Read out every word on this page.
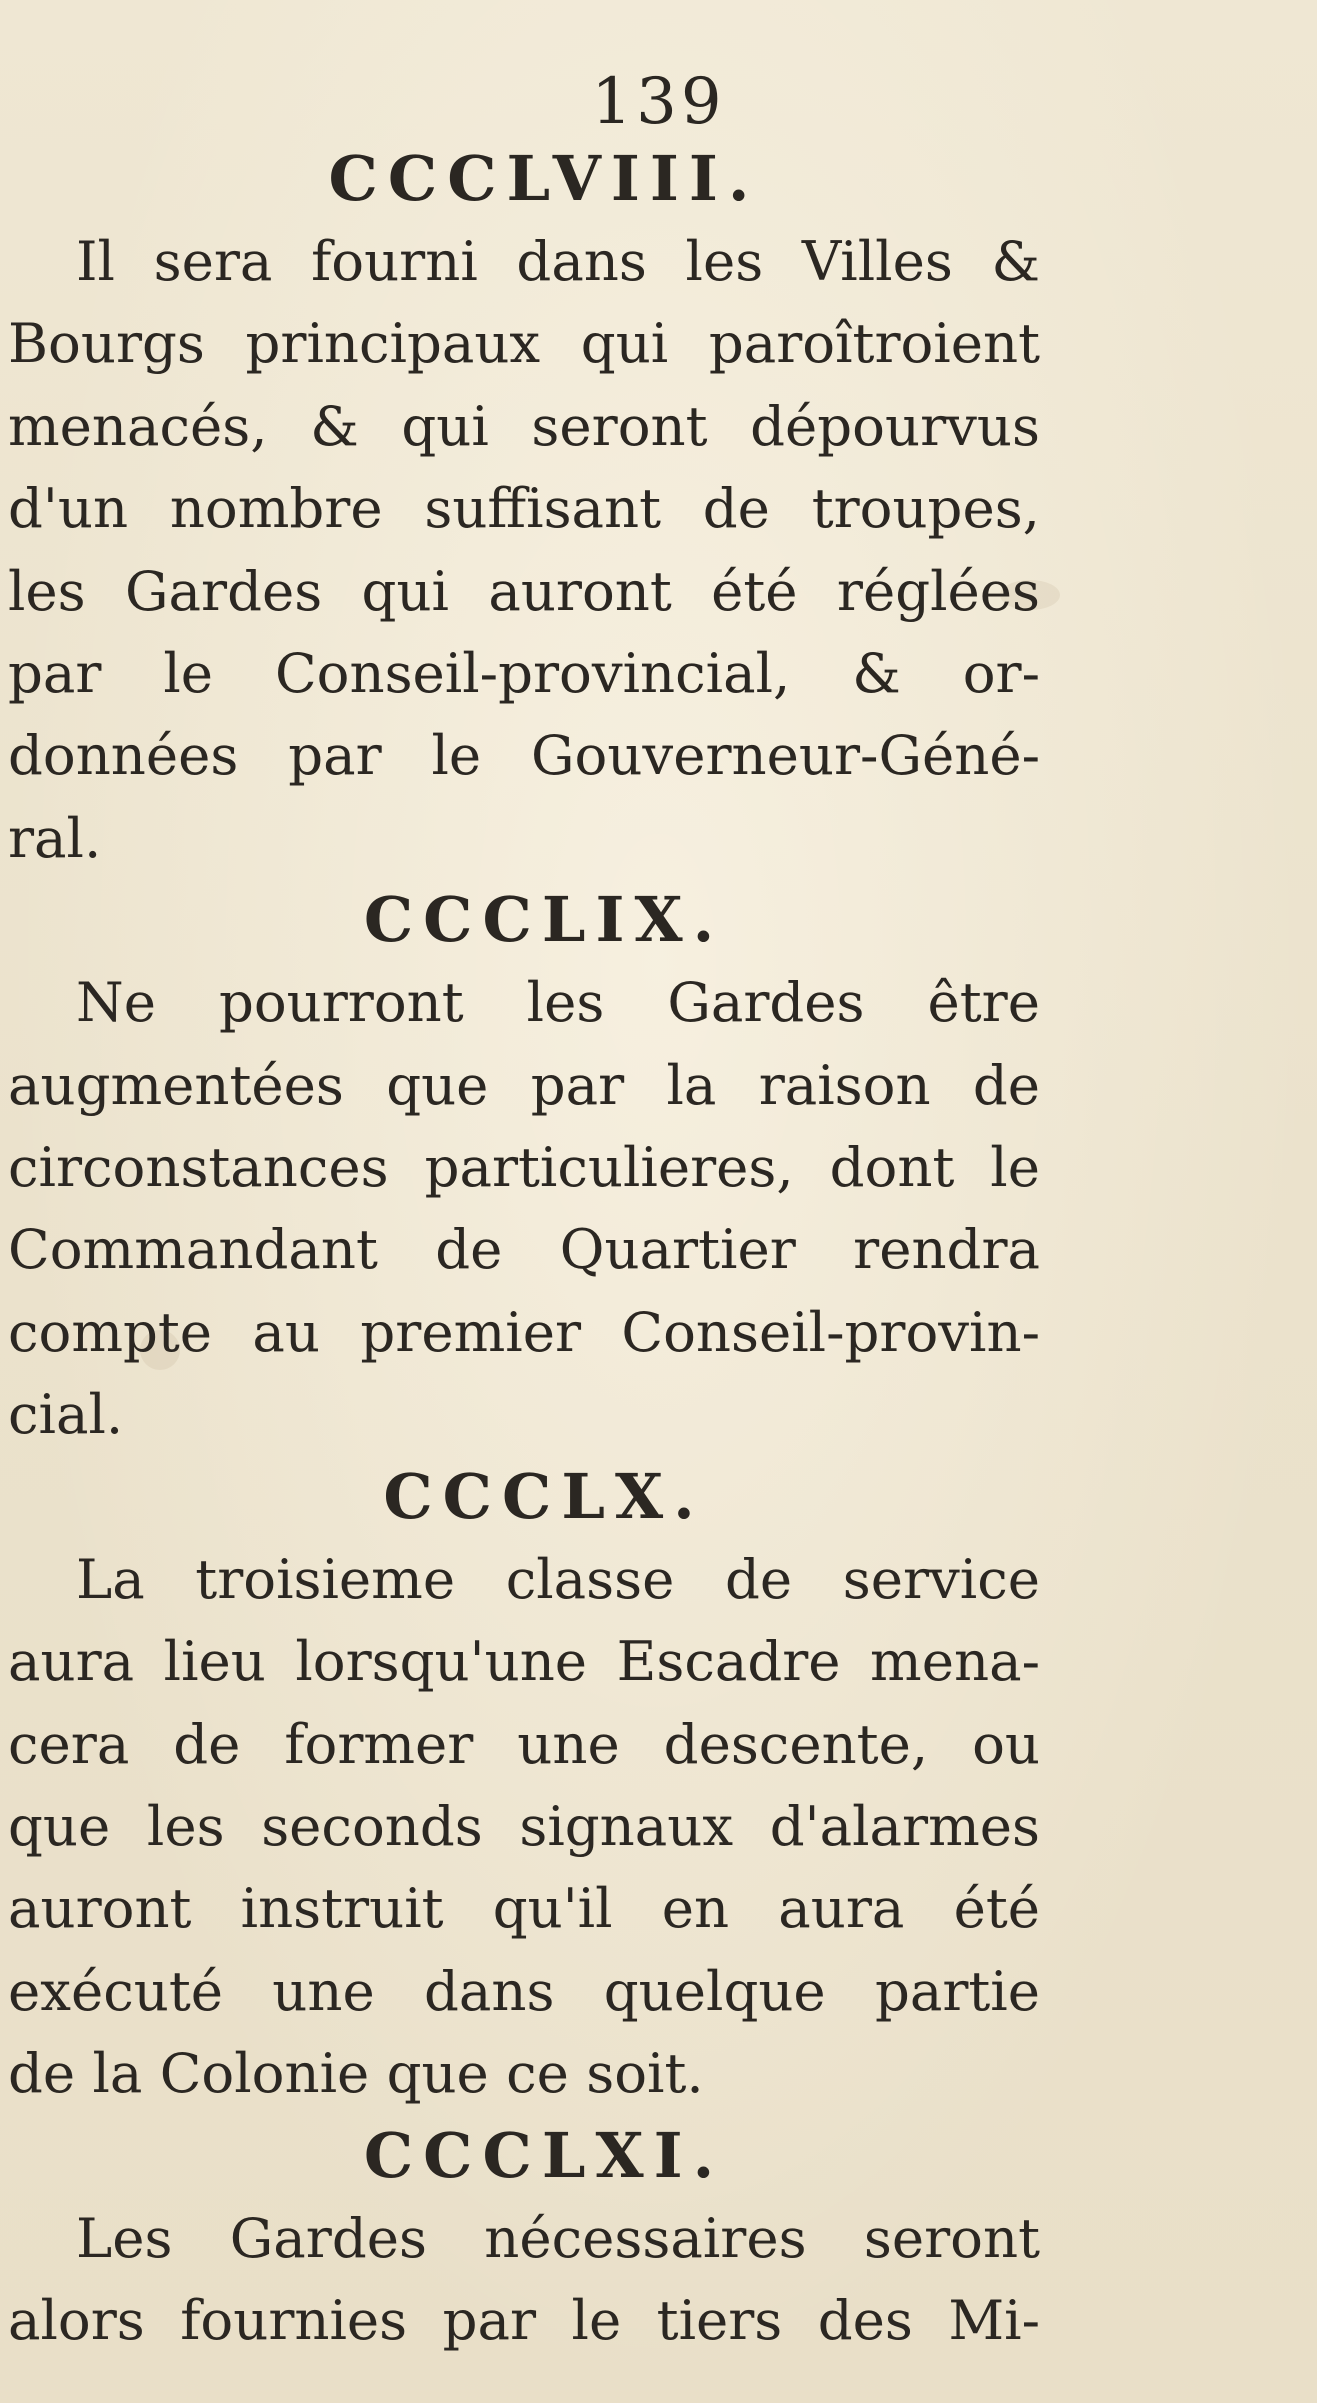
139
CCCLVIII.

Il sera fourni dans les Villes &
Bourgs principaux qui paroîtroient
menacés, & qui seront dépourvus
d'un nombre suffisant de troupes,
les Gardes qui auront été réglées
par le Conseil-provincial, & or-
données par le Gouverneur-Géné-
ral.

CCCLIX.

Ne pourront les Gardes être
augmentées que par la raison de
circonstances particulieres, dont le
Commandant de Quartier rendra
compte au premier Conseil-provin-
cial.

CCCLX.

La troisieme classe de service
aura lieu lorsqu'une Escadre mena-
cera de former une descente, ou
que les seconds signaux d'alarmes
auront instruit qu'il en aura été
exécuté une dans quelque partie
de la Colonie que ce soit.

CCCLXI.

Les Gardes nécessaires seront
alors fournies par le tiers des Mi-
